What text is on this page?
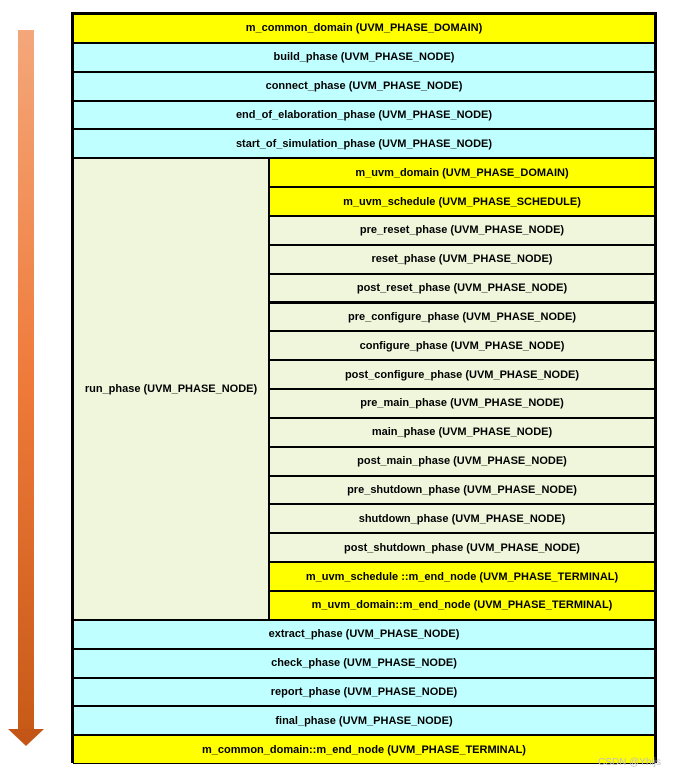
m_common_domain (UVM_PHASE_DOMAIN)
build_phase (UVM_PHASE_NODE)
connect_phase (UVM_PHASE_NODE)
end_of_elaboration_phase (UVM_PHASE_NODE)
start_of_simulation_phase (UVM_PHASE_NODE)
run_phase (UVM_PHASE_NODE)
m_uvm_domain (UVM_PHASE_DOMAIN)
m_uvm_schedule (UVM_PHASE_SCHEDULE)
pre_reset_phase (UVM_PHASE_NODE)
reset_phase (UVM_PHASE_NODE)
post_reset_phase (UVM_PHASE_NODE)
pre_configure_phase (UVM_PHASE_NODE)
configure_phase (UVM_PHASE_NODE)
post_configure_phase (UVM_PHASE_NODE)
pre_main_phase (UVM_PHASE_NODE)
main_phase (UVM_PHASE_NODE)
post_main_phase (UVM_PHASE_NODE)
pre_shutdown_phase (UVM_PHASE_NODE)
shutdown_phase (UVM_PHASE_NODE)
post_shutdown_phase (UVM_PHASE_NODE)
m_uvm_schedule ::m_end_node (UVM_PHASE_TERMINAL)
m_uvm_domain::m_end_node (UVM_PHASE_TERMINAL)
extract_phase (UVM_PHASE_NODE)
check_phase (UVM_PHASE_NODE)
report_phase (UVM_PHASE_NODE)
final_phase (UVM_PHASE_NODE)
m_common_domain::m_end_node (UVM_PHASE_TERMINAL)
CSDN @Yhijs
